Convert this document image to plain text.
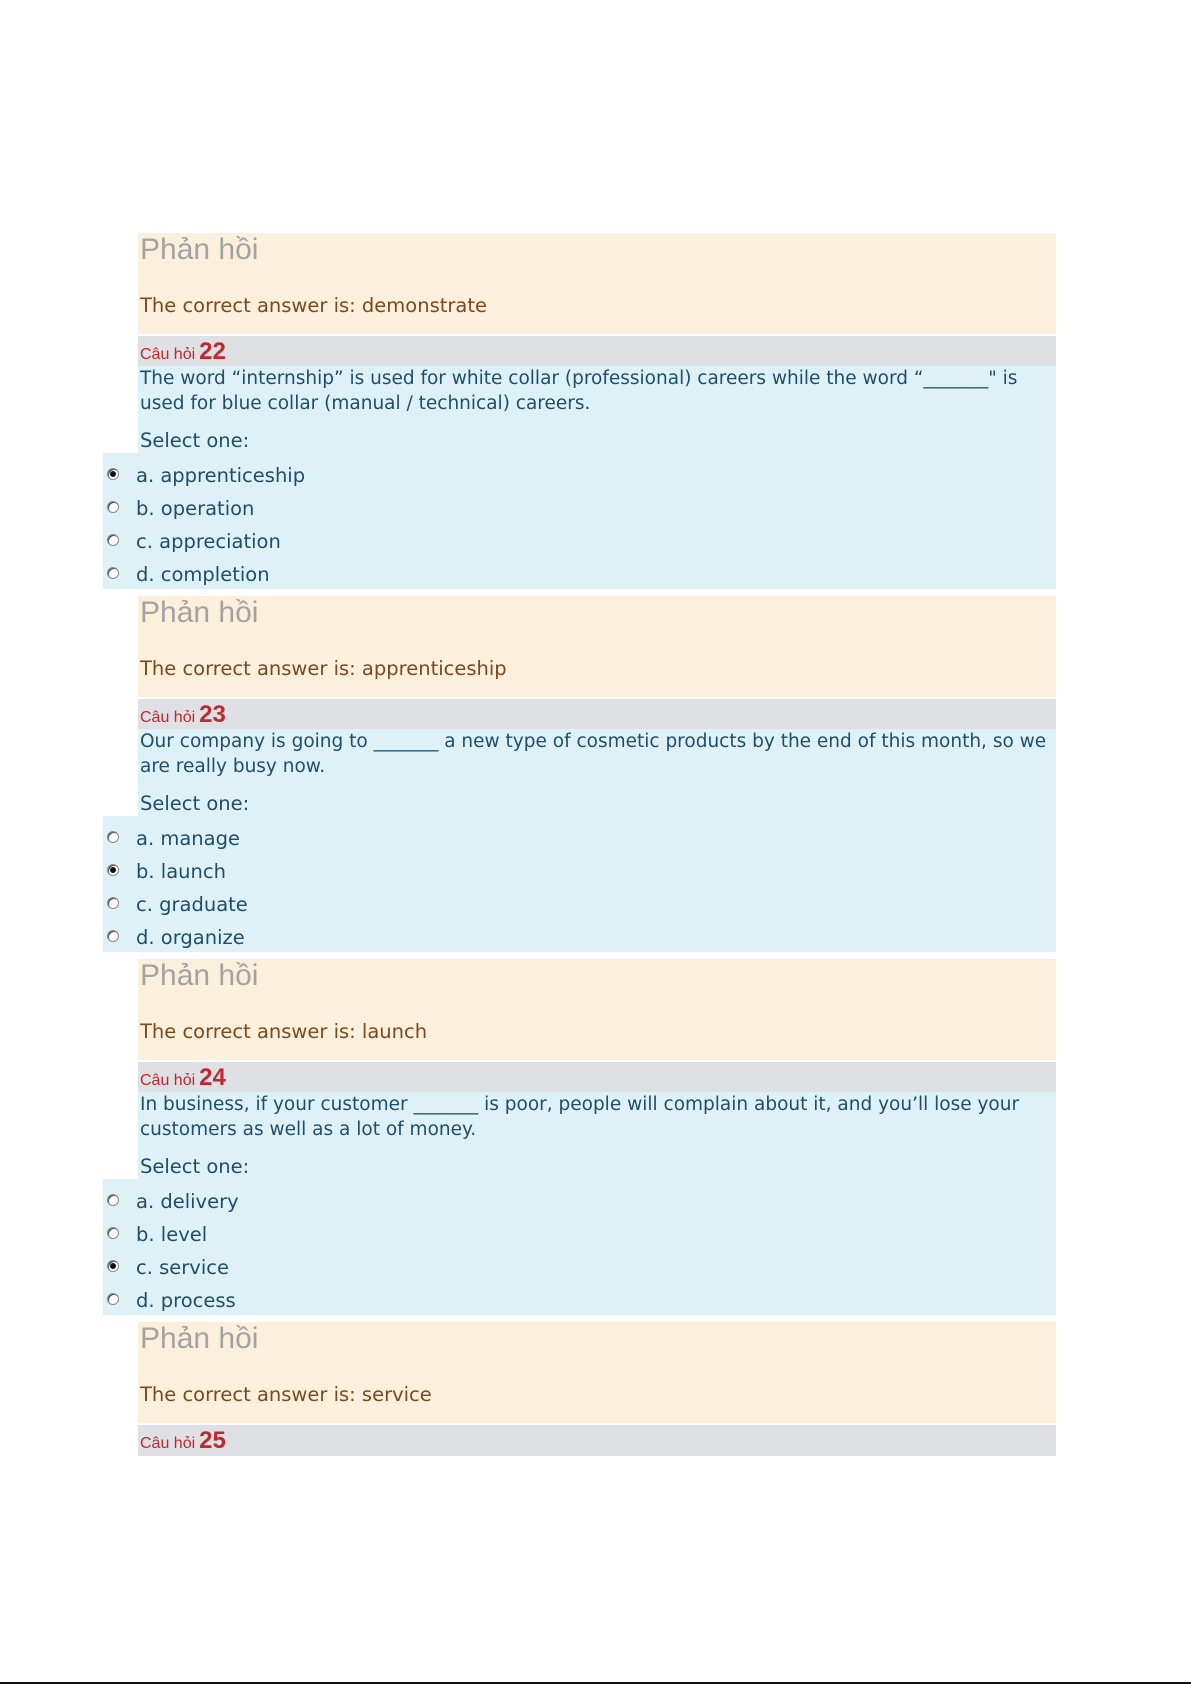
Phản hồi

The correct answer is: demonstrate

Câu hỏi 22

The word “internship” is used for white collar (professional) careers while the word “_______" is used for blue collar (manual / technical) careers.

Select one:

a. apprenticeship
b. operation
c. appreciation
d. completion
Phản hồi

The correct answer is: apprenticeship

Câu hỏi 23

Our company is going to _______ a new type of cosmetic products by the end of this month, so we are really busy now.

Select one:

a. manage
b. launch
c. graduate
d. organize
Phản hồi

The correct answer is: launch

Câu hỏi 24

In business, if your customer _______ is poor, people will complain about it, and you’ll lose your customers as well as a lot of money.

Select one:

a. delivery
b. level
c. service
d. process
Phản hồi

The correct answer is: service

Câu hỏi 25
